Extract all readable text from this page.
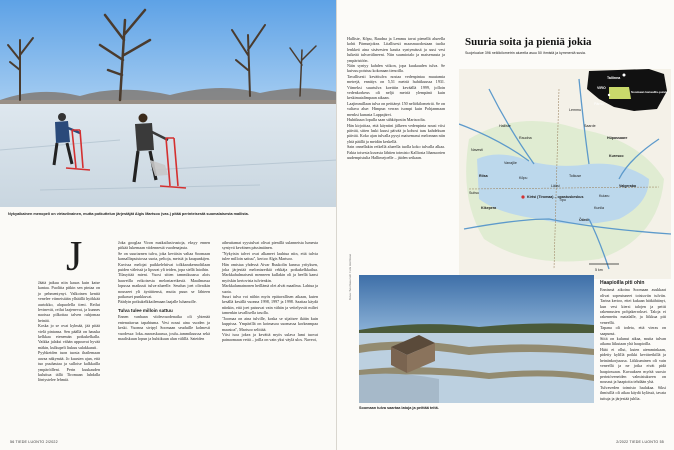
Nykyaikainen menopeli on virtaviivainen, mutta potkuttelun järjestäjät Algis Martsoo (vas.) pitää perinteisestä suomalaisesta mallista.
J
Jäätä jatkuu niin kauas kuin katse kantaa. Puolitta pitkin sen pintaa on jo pehmentynyt. Valkoinen kenttä venelee viimeisiään ylhäällä hyökkää aurtokko, alapuolella tieni. Reilut levinevät, reilut laajenevat, ja kunnes naoissa pilkottaa talven ruhjomaa heinää.
Koska jo se ovat kylmää, jää pitää vielä pintansa. Sen päällä on hauska kelkkaa etenemän potkukelkalla. Vaikka jalaksi vähän uppoavat hyvää mäkin, kulkupeli liukuu sulakkaasti.
Pyyhkeiden tuon tuosta ihailemaan aavaa näkymää. Jo kuusten ajan, että tuo puuhastaa ja sulloise kalkkailla ympäröilleni. Perin kuukauden kuluttua tällä Tiromaan luhdalla löntystelee lehmiä.
Joka googlaa Viron matkailusivustoja, eksyy ennen pitkää lukemaan viidennestä vuodenajasta.
Se on suuriarnen tulva, joka keväisin valtaa Soomaan kansallispuistossa suota, peltoja, metsiä ja kaupunkijen. Kuvissa melojat puikkelehtivat tolkkarakennoltilaan puiden väleissä ja lipuvat yli teiden, jopa siellä latoihin.
Tilasyttää mieni. Vuosi sitten tammikuussa alois haaveilla erikoisesta melontaretkestä. Maailmassa lopussa matkusti tulva-alueelle. Seudun joet olivatkin nousseet yli äyräittensä, mutta puun se lähteen paikasset punkkuvat.
Päädyin potkukelkkailemaan laajalle luhamolle.
Tulva tulee milloin sattuu
Ennen vanhaan viidesvuodenaika oli yhtenää entenattavaa tapahtuma. Vesi nousi aina vuoden ja keski. Vuonna sivipyl Soomaan seuduille kolmesti vuodessa: loka–marraskuussa, joulu–tammikuussa sekä maaliskuun lopun ja huhtikuun alun välillä. Sateiden
aiheuttamat syystulvat olivat pienillä sulanneista lumesta syntyvä keväinen pässimäinen.
"Nykyisin talvet ovat alkaneet lauhtua niin, että tulvia tulee milloin sattuu", kertoo Algis Martsoo.
Hän omistaa yhdessä Aivar Ruukolin kanssa yrityksen, joka järjestää melontaretkiä rekkäja potkukelkkailua. Markkahulmaisesti menneen kullakin oli ja heellä kansi myöskin kertovista tulvienkin.
Markkalumainonen heillämä olet alvät maailma. Lahtua ja suota.
Suuri tulva voi niihin myös epätavallisen aikaan, kuten kesällä kesällä vuonna 1998, 1997 ja 1998. Saattaa käydä niinkin, että joet paisuvat vain vähän ja veitelysvät miltei tamenkin tavallisella tasolla.
"Joomaa on aina tulville, koska se sijaitsee ikään kuin kuppissa. Ympärillä on koimasoa suomassa korkeampaa maastoa", Martsoo selittää.
Viisi isoa jokea ja kevättä myös sulava lumi tuovat painaomaan vettä – joilla on vain yksi väylä ulos. Naveoi,
56 TIEDE LUONTO 2/2022
Halliste, Kõpu, Raudna ja Lemmu tavat pienellä alueella kohti Pärnunjokea. Liiallisesti maasmuodostaan tuolta lenkkeä aina sisävesien kautta syntymässä ja uusi vesi luikeää tulvavälineeni. Niin suumiotalo ja maisemasta ja ympäristöön.
Näin syntyy kahden viikon, jopa kuukauden tulva. Se kuivuu poistuu kokonaan tienoilla.
Tavallisesti kevättulva nostaa vedenpintaa muutamia metrejä, ennätys on 5,51 metriä huhtikuussa 1931. Viimeksi suurtulva koettiin keväällä 1999, jolloin vedenkorkeus oli neljä metriä ylempänä kuin keskimatalimpaan aikaan.
Laajimmillaan tulva on peittänyt 150 neliökilometriä. Se on valtava alue: Himpun verran isompi kuin Pohjanmaan menksi kunasta Lappajärvi.
Huhtikuun lopulla saan sähköpostin Martsoolta.
Hän kirjoittaa, että käyntini jälkeen vedenpinta nousi viisi päivää, sitten laski kuusi päivää ja kohosi taas kahdeksan päivää. Koko ajan tulvalla pysyi maisemassi melonnan niin yhtä päällä ja meidän keskellä.
Sain onnellakin retkellä alueella tuolla koko tulvalla alkaa. Fakta toisesta kuvasta lähtien toimisto Kalliosta lihanuorien uudempistulia Hallimejoelle – jäiden seikaan.
Suuria soita ja pieniä jokia
Suojelualue 396 neliökilometrin alueella asuu 50 ihmistä ja kymmeniä susia.
Tallinna
VIRO
Pärnu
Soomaan kansallis-puisto
Halliste
Navesti
Lemmu
Hüpassaare
Saarde
Raudna
Riisa
Kuresoo
Kõpu
Valgeraba
Tolkuse
Kirtsi (Tiromaa) – opastuskeskus
Kikepera
Öördi
Lääsi
Tipu
Kuiaru
Vanajõe
Kunila
Suitsu
5 km
Kuva: Soomaa.com / Liis Härmsoo
Soomaan tulva saartaa latoja ja peittää teitä.
Haapioilla piti ohin
Ennismä aikoina Soomaan asukkaat olivat sopeutuneet toistuviin tulviin. Tarina kertoo, ettei kukaan hätkähtänyt, kun vesi kiersi talojen ja peitti rakennusten pohjakerrokset. Taloja ei rakennettu matalalle, ja liikkua piti veneellä.
Tapana oli todeta, että vieras on saapunut.
Siitä on kulunut aikaa, mutta tulvan aikana liikutaan yhä haapioilla.
Häät ei ollut, kuten aiemminkaan, pidetty kylillä poikki kevätretkillä ja heinänkorjuussa. Liikkuminen oli vain veneellä ja ne jotka eivät pidä haapiossaan. Kuvauksen myötä suosio perintöveneiden valmistukseen on noussut ja haapioita tehdään yhä.
Tulvaveden toimisto luulakaa. Siksi ihmisillä oli aikaa käydä kylässä, tavata tuttuja ja järjestää juhlia.
2/2022 TIEDE LUONTO 55
